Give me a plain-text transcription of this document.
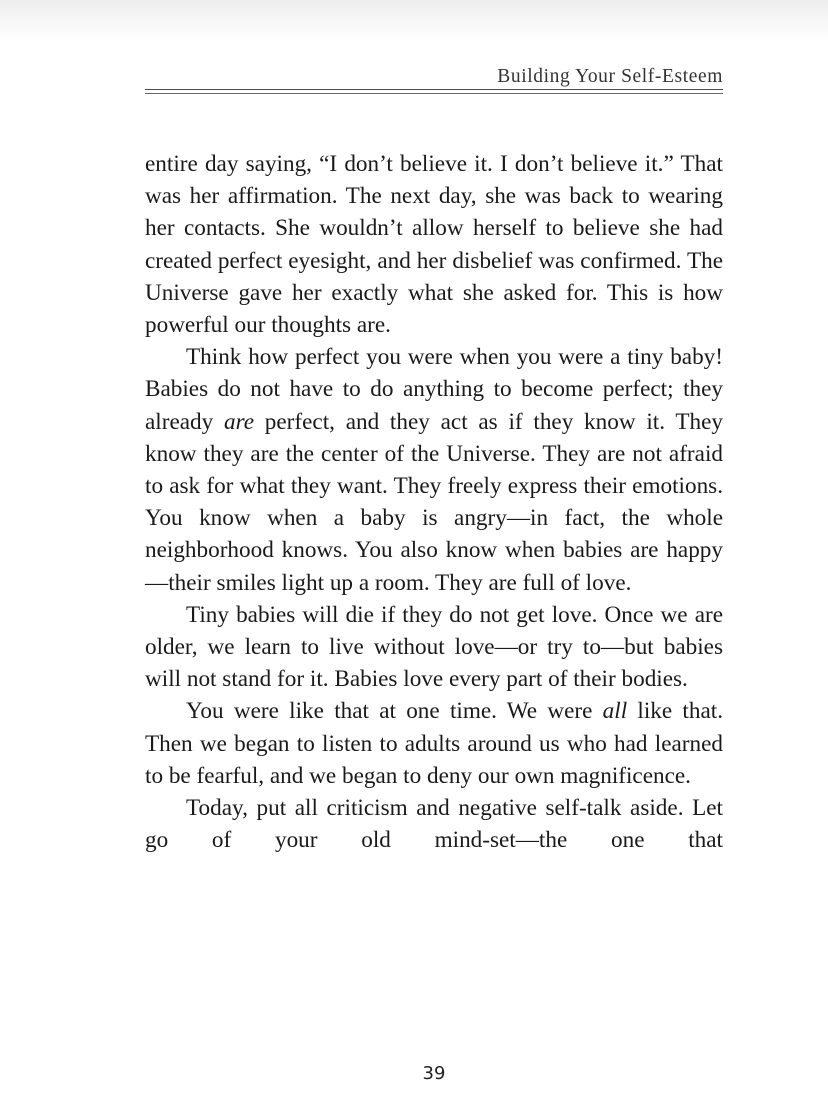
Building Your Self-Esteem

entire day saying, “I don’t believe it. I don’t believe it.” That was her affirmation. The next day, she was back to wearing her contacts. She wouldn’t allow herself to believe she had created perfect eyesight, and her disbelief was confirmed. The Universe gave her exactly what she asked for. This is how powerful our thoughts are.

Think how perfect you were when you were a tiny baby! Babies do not have to do anything to become perfect; they already are perfect, and they act as if they know it. They know they are the center of the Universe. They are not afraid to ask for what they want. They freely express their emotions. You know when a baby is angry—in fact, the whole neighborhood knows. You also know when babies are happy—their smiles light up a room. They are full of love.

Tiny babies will die if they do not get love. Once we are older, we learn to live without love—or try to—but babies will not stand for it. Babies love every part of their bodies.

You were like that at one time. We were all like that. Then we began to listen to adults around us who had learned to be fearful, and we began to deny our own magnificence.

Today, put all criticism and negative self-talk aside. Let go of your old mind-set—the one that

39
